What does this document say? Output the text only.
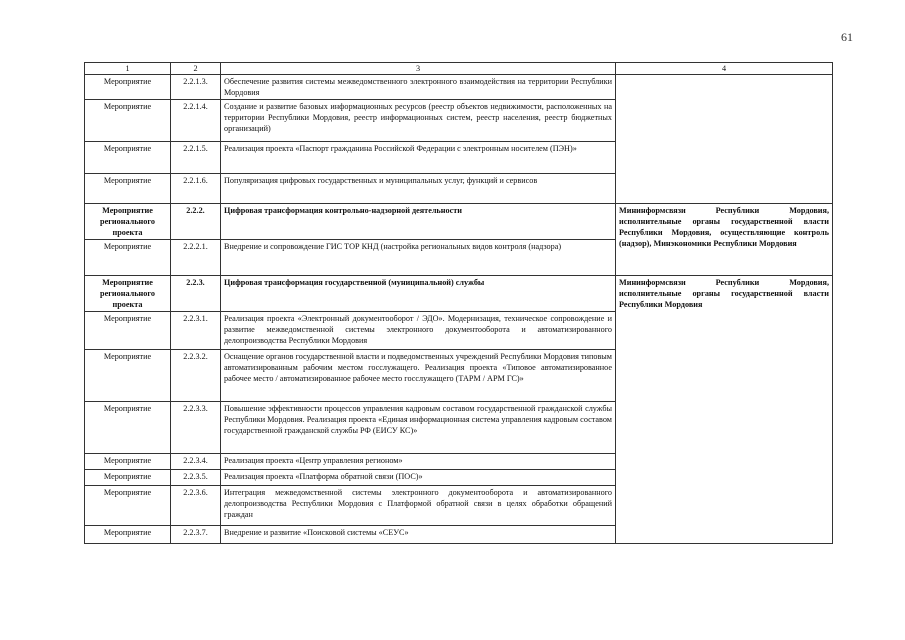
61
1	2	3	4
Мероприятие	2.2.1.3.	Обеспечение развития системы межведомственного электронного взаимодействия на территории Республики Мордовия	
Мероприятие	2.2.1.4.	Создание и развитие базовых информационных ресурсов (реестр объектов недвижимости, расположенных на территории Республики Мордовия, реестр информационных систем, реестр населения, реестр бюджетных организаций)	
Мероприятие	2.2.1.5.	Реализация проекта «Паспорт гражданина Российской Федерации с электронным носителем (ПЭН)»	
Мероприятие	2.2.1.6.	Популяризация цифровых государственных и муниципальных услуг, функций и сервисов	
Мероприятие регионального проекта	2.2.2.	Цифровая трансформация контрольно-надзорной деятельности	Мининформсвязи Республики Мордовия, исполнительные органы государственной власти Республики Мордовия, осуществляющие контроль (надзор), Минэкономики Республики Мордовия
Мероприятие	2.2.2.1.	Внедрение и сопровождение ГИС ТОР КНД (настройка региональных видов контроля (надзора)	
Мероприятие регионального проекта	2.2.3.	Цифровая трансформация государственной (муниципальной) службы	Мининформсвязи Республики Мордовия, исполнительные органы государственной власти Республики Мордовия
Мероприятие	2.2.3.1.	Реализация проекта «Электронный документооборот / ЭДО». Модернизация, техническое сопровождение и развитие межведомственной системы электронного документооборота и автоматизированного делопроизводства Республики Мордовия	
Мероприятие	2.2.3.2.	Оснащение органов государственной власти и подведомственных учреждений Республики Мордовия типовым автоматизированным рабочим местом госслужащего. Реализация проекта «Типовое автоматизированное рабочее место / автоматизированное рабочее место госслужащего (ТАРМ / АРМ ГС)»	
Мероприятие	2.2.3.3.	Повышение эффективности процессов управления кадровым составом государственной гражданской службы Республики Мордовия. Реализация проекта «Единая информационная система управления кадровым составом государственной гражданской службы РФ (ЕИСУ КС)»	
Мероприятие	2.2.3.4.	Реализация проекта «Центр управления регионом»	
Мероприятие	2.2.3.5.	Реализация проекта «Платформа обратной связи (ПОС)»	
Мероприятие	2.2.3.6.	Интеграция межведомственной системы электронного документооборота и автоматизированного делопроизводства Республики Мордовия с Платформой обратной связи в целях обработки обращений граждан	
Мероприятие	2.2.3.7.	Внедрение и развитие «Поисковой системы «СЕУС»	
